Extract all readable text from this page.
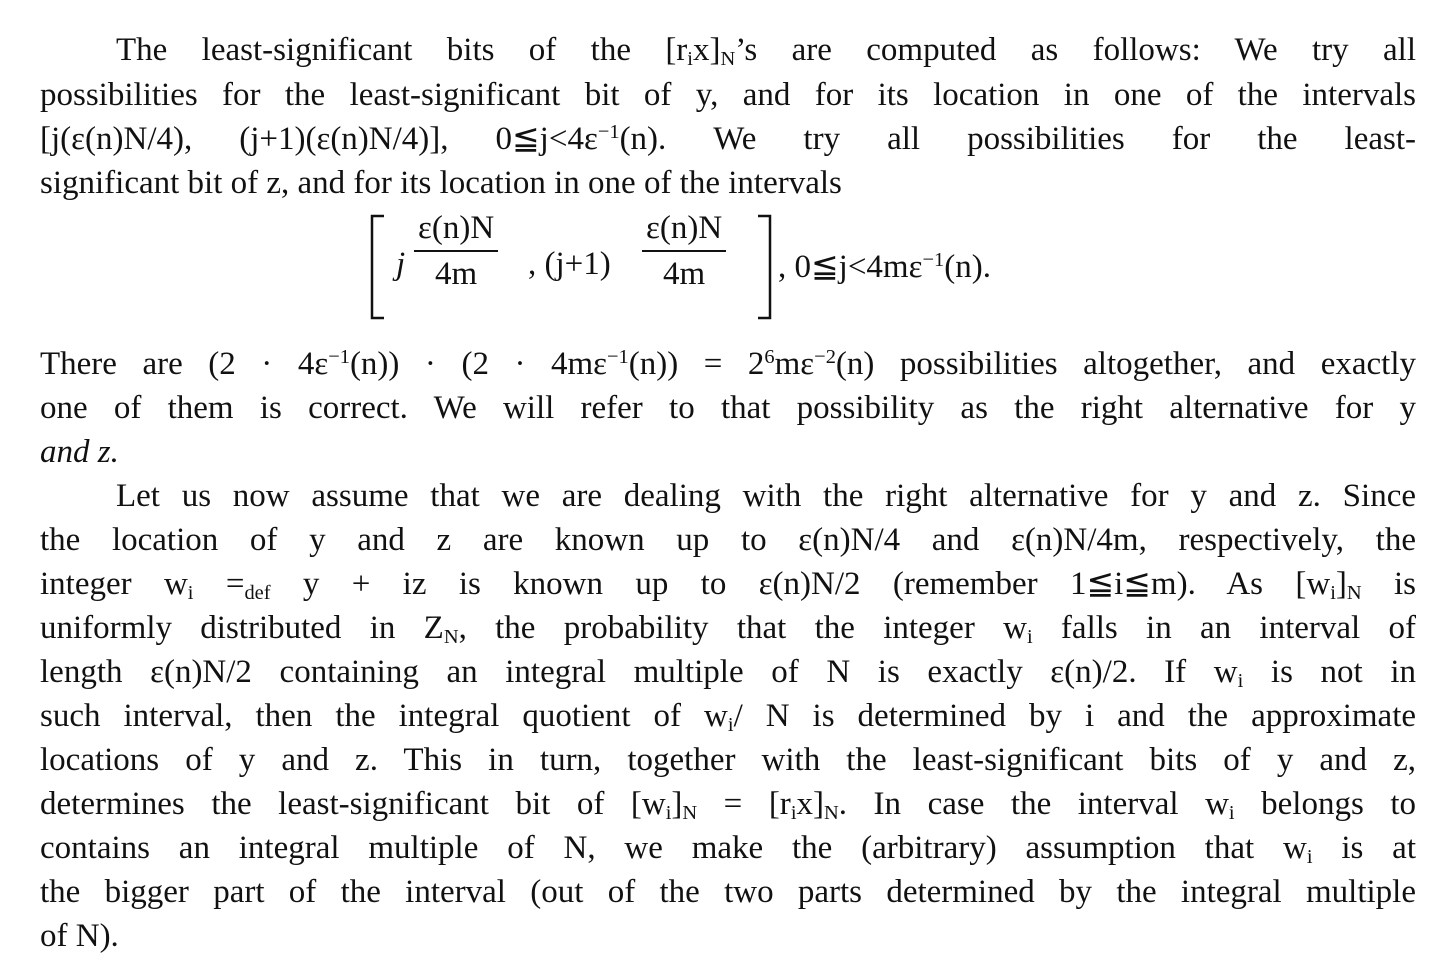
The least-significant bits of the $[r_ix]_N’s$ are computed as follows: We try all
possibilities for the least-significant bit of y, and for its location in one of the intervals
[j(ε(n)N/4), (j+1)(ε(n)N/4)], $0≦j<4\varepsilon^{-1}(n)$. We try all possibilities for the least-
significant bit of z, and for its location in one of the intervals
j $\frac{\varepsilon(n)N}{4m}$ , $(j+1) \frac{\varepsilon(n)N}{4m}$ , $0≦j<4m\varepsilon^{-1}(n)$.
There are $(2 \cdot 4\varepsilon^{-1}(n)) \cdot (2 \cdot 4m\varepsilon^{-1}(n)) = 2^6m\varepsilon^{-2}(n)$ possibilities altogether, and exactly
one of them is correct. We will refer to that possibility as the right alternative for y
and z.
Let us now assume that we are dealing with the right alternative for y and z. Since
the location of y and z are known up to ε(n)N/4 and ε(n)N/4m, respectively, the
integer $w_i =_{def}$ y + iz is known up to ε(n)N/2 (remember 1≦i≦m). As $[w_i]_N$ is
uniformly distributed in $Z_N$, the probability that the integer $w_i$ falls in an interval of
length ε(n)N/2 containing an integral multiple of N is exactly ε(n)/2. If $w_i$ is not in
such interval, then the integral quotient of $w_i/$ N is determined by i and the approximate
locations of y and z. This in turn, together with the least-significant bits of y and z,
determines the least-significant bit of $[w_i]_N = [r_ix]_N$. In case the interval $w_i$ belongs to
contains an integral multiple of N, we make the (arbitrary) assumption that $w_i$ is at
the bigger part of the interval (out of the two parts determined by the integral multiple
of N).
